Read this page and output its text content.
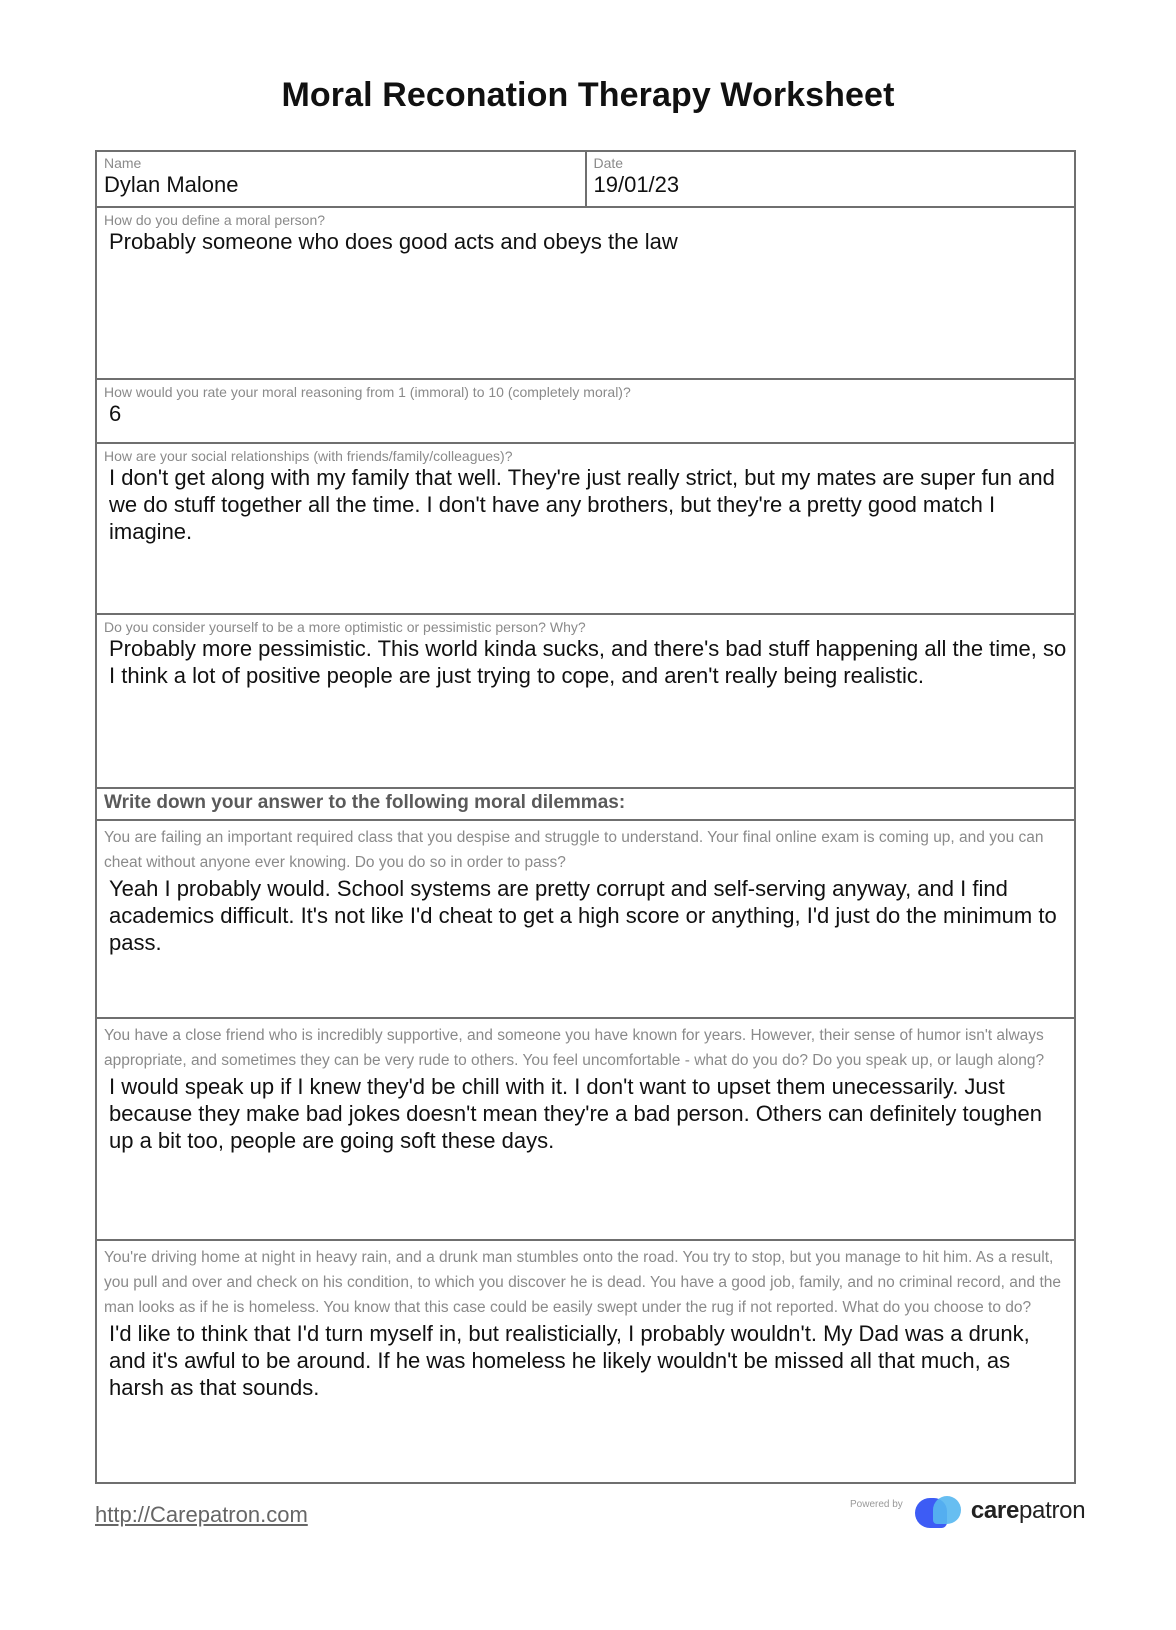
Moral Reconation Therapy Worksheet
Name
Dylan Malone
Date
19/01/23
How do you define a moral person?
Probably someone who does good acts and obeys the law
How would you rate your moral reasoning from 1 (immoral) to 10 (completely moral)?
6
How are your social relationships (with friends/family/colleagues)?
I don't get along with my family that well. They're just really strict, but my mates are super fun and we do stuff together all the time. I don't have any brothers, but they're a pretty good match I imagine.
Do you consider yourself to be a more optimistic or pessimistic person? Why?
Probably more pessimistic. This world kinda sucks, and there's bad stuff happening all the time, so I think a lot of positive people are just trying to cope, and aren't really being realistic.
Write down your answer to the following moral dilemmas:
You are failing an important required class that you despise and struggle to understand. Your final online exam is coming up, and you can cheat without anyone ever knowing. Do you do so in order to pass?
Yeah I probably would. School systems are pretty corrupt and self-serving anyway, and I find academics difficult. It's not like I'd cheat to get a high score or anything, I'd just do the minimum to pass.
You have a close friend who is incredibly supportive, and someone you have known for years. However, their sense of humor isn't always appropriate, and sometimes they can be very rude to others. You feel uncomfortable - what do you do? Do you speak up, or laugh along?
I would speak up if I knew they'd be chill with it. I don't want to upset them unecessarily. Just because they make bad jokes doesn't mean they're a bad person. Others can definitely toughen up a bit too, people are going soft these days.
You're driving home at night in heavy rain, and a drunk man stumbles onto the road. You try to stop, but you manage to hit him. As a result, you pull and over and check on his condition, to which you discover he is dead. You have a good job, family, and no criminal record, and the man looks as if he is homeless. You know that this case could be easily swept under the rug if not reported. What do you choose to do?
I'd like to think that I'd turn myself in, but realisticially, I probably wouldn't. My Dad was a drunk, and it's awful to be around. If he was homeless he likely wouldn't be missed all that much, as harsh as that sounds.
http://Carepatron.com	Powered by	carepatron
